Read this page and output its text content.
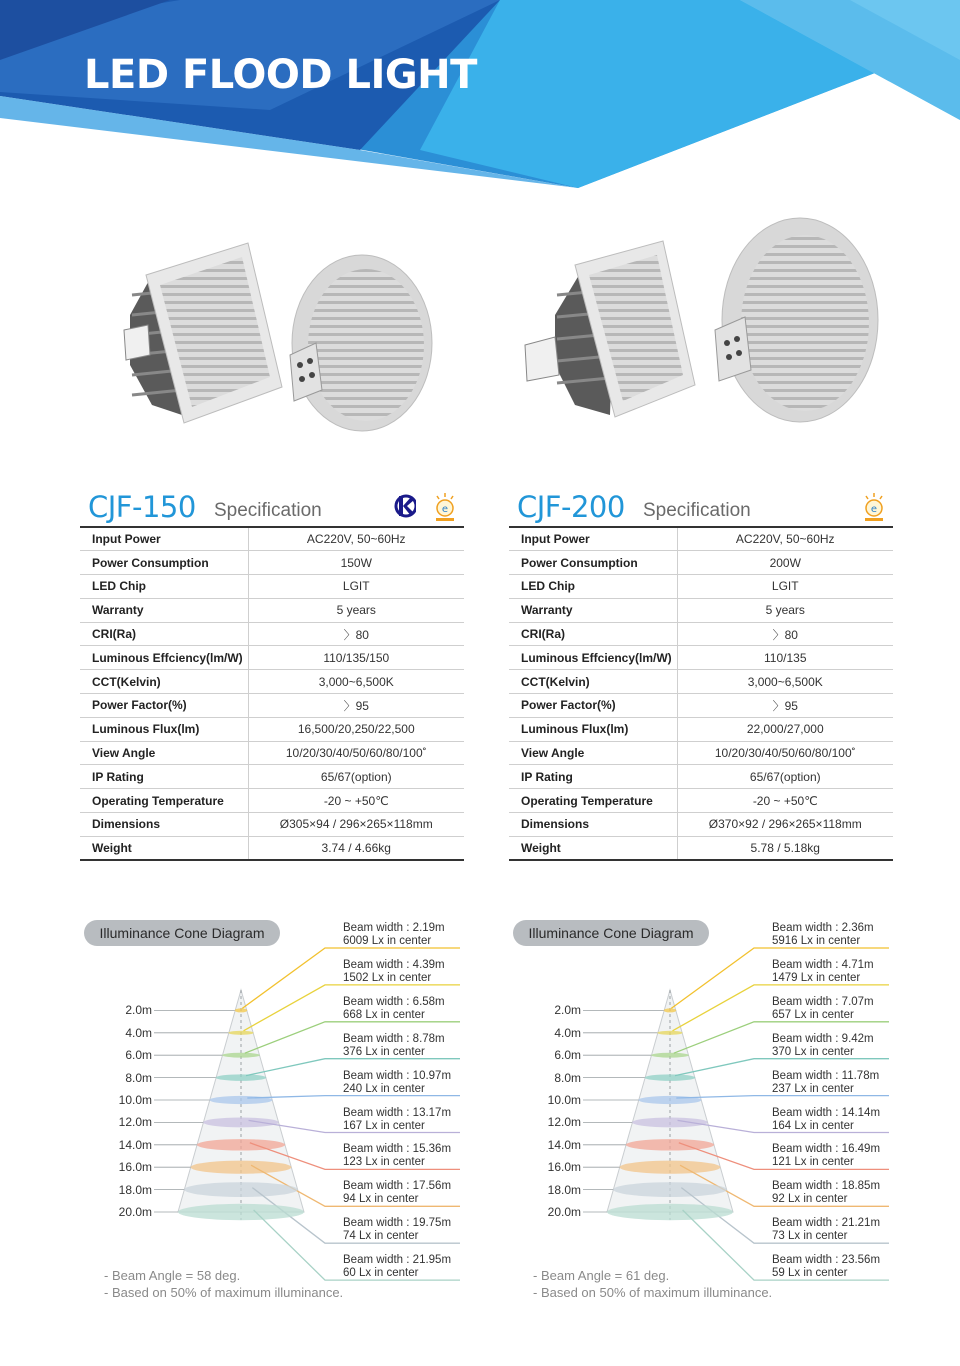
LED FLOOD LIGHT
CJF-150 Specification	e
Input Power	AC220V, 50~60Hz
Power Consumption	150W
LED Chip	LGIT
Warranty	5 years
CRI(Ra)	〉80
Luminous Effciency(lm/W)	110/135/150
CCT(Kelvin)	3,000~6,500K
Power Factor(%)	〉95
Luminous Flux(lm)	16,500/20,250/22,500
View Angle	10/20/30/40/50/60/80/100˚
IP Rating	65/67(option)
Operating Temperature	-20 ~ +50℃
Dimensions	Ø305×94 / 296×265×118mm
Weight	3.74 / 4.66kg
CJF-200 Specification	e
Input Power	AC220V, 50~60Hz
Power Consumption	200W
LED Chip	LGIT
Warranty	5 years
CRI(Ra)	〉80
Luminous Effciency(lm/W)	110/135
CCT(Kelvin)	3,000~6,500K
Power Factor(%)	〉95
Luminous Flux(lm)	22,000/27,000
View Angle	10/20/30/40/50/60/80/100˚
IP Rating	65/67(option)
Operating Temperature	-20 ~ +50℃
Dimensions	Ø370×92 / 296×265×118mm
Weight	5.78 / 5.18kg
Illuminance Cone Diagram
2.0m
4.0m
6.0m
8.0m
10.0m
12.0m
14.0m
16.0m
18.0m
20.0m
Beam width : 2.19m
6009 Lx in center
Beam width : 4.39m
1502 Lx in center
Beam width : 6.58m
668 Lx in center
Beam width : 8.78m
376 Lx in center
Beam width : 10.97m
240 Lx in center
Beam width : 13.17m
167 Lx in center
Beam width : 15.36m
123 Lx in center
Beam width : 17.56m
94 Lx in center
Beam width : 19.75m
74 Lx in center
Beam width : 21.95m
60 Lx in center
- Beam Angle = 58 deg.
- Based on 50% of maximum illuminance.
Illuminance Cone Diagram
2.0m
4.0m
6.0m
8.0m
10.0m
12.0m
14.0m
16.0m
18.0m
20.0m
Beam width : 2.36m
5916 Lx in center
Beam width : 4.71m
1479 Lx in center
Beam width : 7.07m
657 Lx in center
Beam width : 9.42m
370 Lx in center
Beam width : 11.78m
237 Lx in center
Beam width : 14.14m
164 Lx in center
Beam width : 16.49m
121 Lx in center
Beam width : 18.85m
92 Lx in center
Beam width : 21.21m
73 Lx in center
Beam width : 23.56m
59 Lx in center
- Beam Angle = 61 deg.
- Based on 50% of maximum illuminance.
